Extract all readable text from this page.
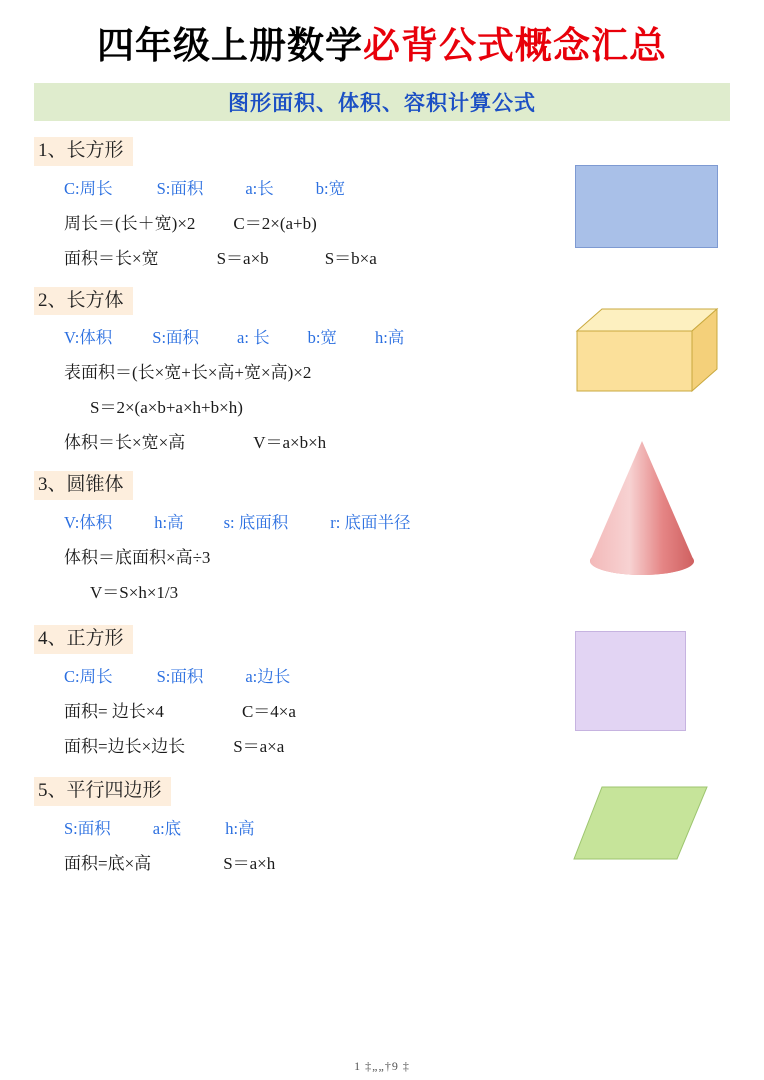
四年级上册数学 必背公式概念汇总
图形面积、体积、容积计算公式
1、长方形
C:周长	S:面积	a:长	b:宽
周长＝(长＋宽)×2 C＝2×(a+b)
面积＝长×宽	S＝a×b	S＝b×a
2、长方体
V:体积 S:面积 a: 长 b:宽 h:高
表面积＝(长×宽+长×高+宽×高)×2
S＝2×(a×b+a×h+b×h)
体积＝长×宽×高	V＝a×b×h
3、圆锥体
V:体积	h:高 s: 底面积	r: 底面半径
体积＝底面积×高÷3
V＝S×h×1/3
4、正方形
C:周长	S:面积	a:边长
面积= 边长×4	C＝4×a
面积=边长×边长	S＝a×a
5、平行四边形
S:面积	a:底	h:高
面积=底×高	S＝a×h
1 ‡„„†9 ‡
